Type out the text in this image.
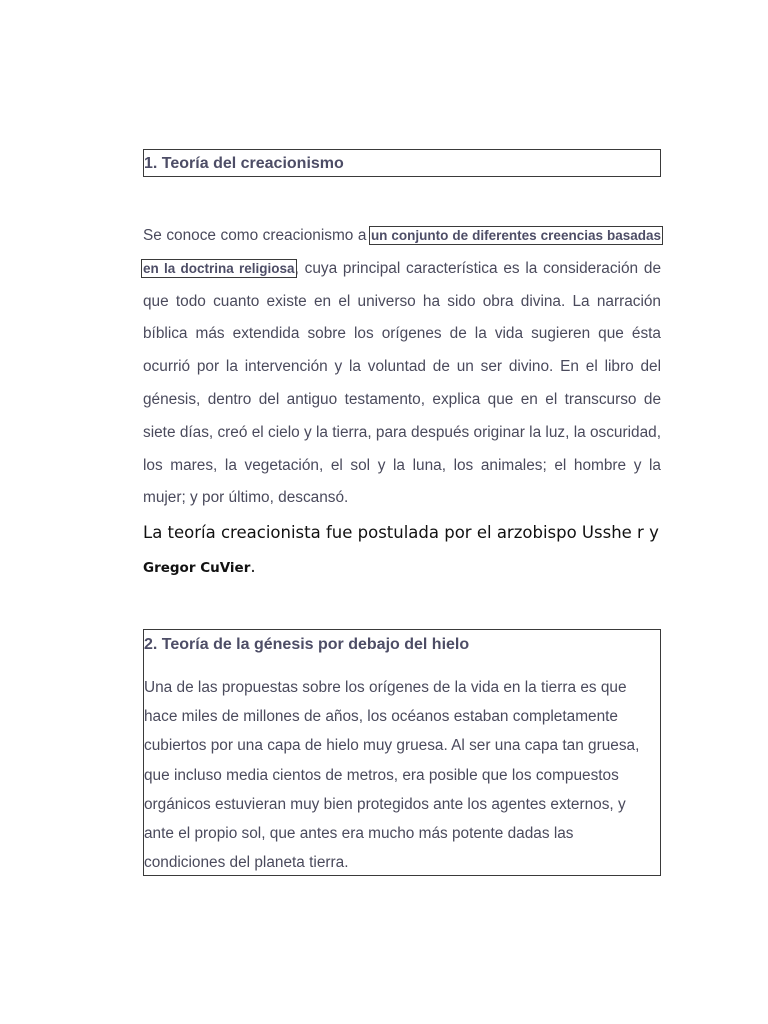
1. Teoría del creacionismo
Se conoce como creacionismo a un conjunto de diferentes creencias basadas en la doctrina religiosa, cuya principal característica es la consideración de que todo cuanto existe en el universo ha sido obra divina. La narración bíblica más extendida sobre los orígenes de la vida sugieren que ésta ocurrió por la intervención y la voluntad de un ser divino. En el libro del génesis, dentro del antiguo testamento, explica que en el transcurso de siete días, creó el cielo y la tierra, para después originar la luz, la oscuridad, los mares, la vegetación, el sol y la luna, los animales; el hombre y la mujer; y por último, descansó.
La teoría creacionista fue postulada por el arzobispo Usshe r y Gregor CuVier.
2. Teoría de la génesis por debajo del hielo
Una de las propuestas sobre los orígenes de la vida en la tierra es que hace miles de millones de años, los océanos estaban completamente cubiertos por una capa de hielo muy gruesa. Al ser una capa tan gruesa, que incluso media cientos de metros, era posible que los compuestos orgánicos estuvieran muy bien protegidos ante los agentes externos, y ante el propio sol, que antes era mucho más potente dadas las condiciones del planeta tierra.
